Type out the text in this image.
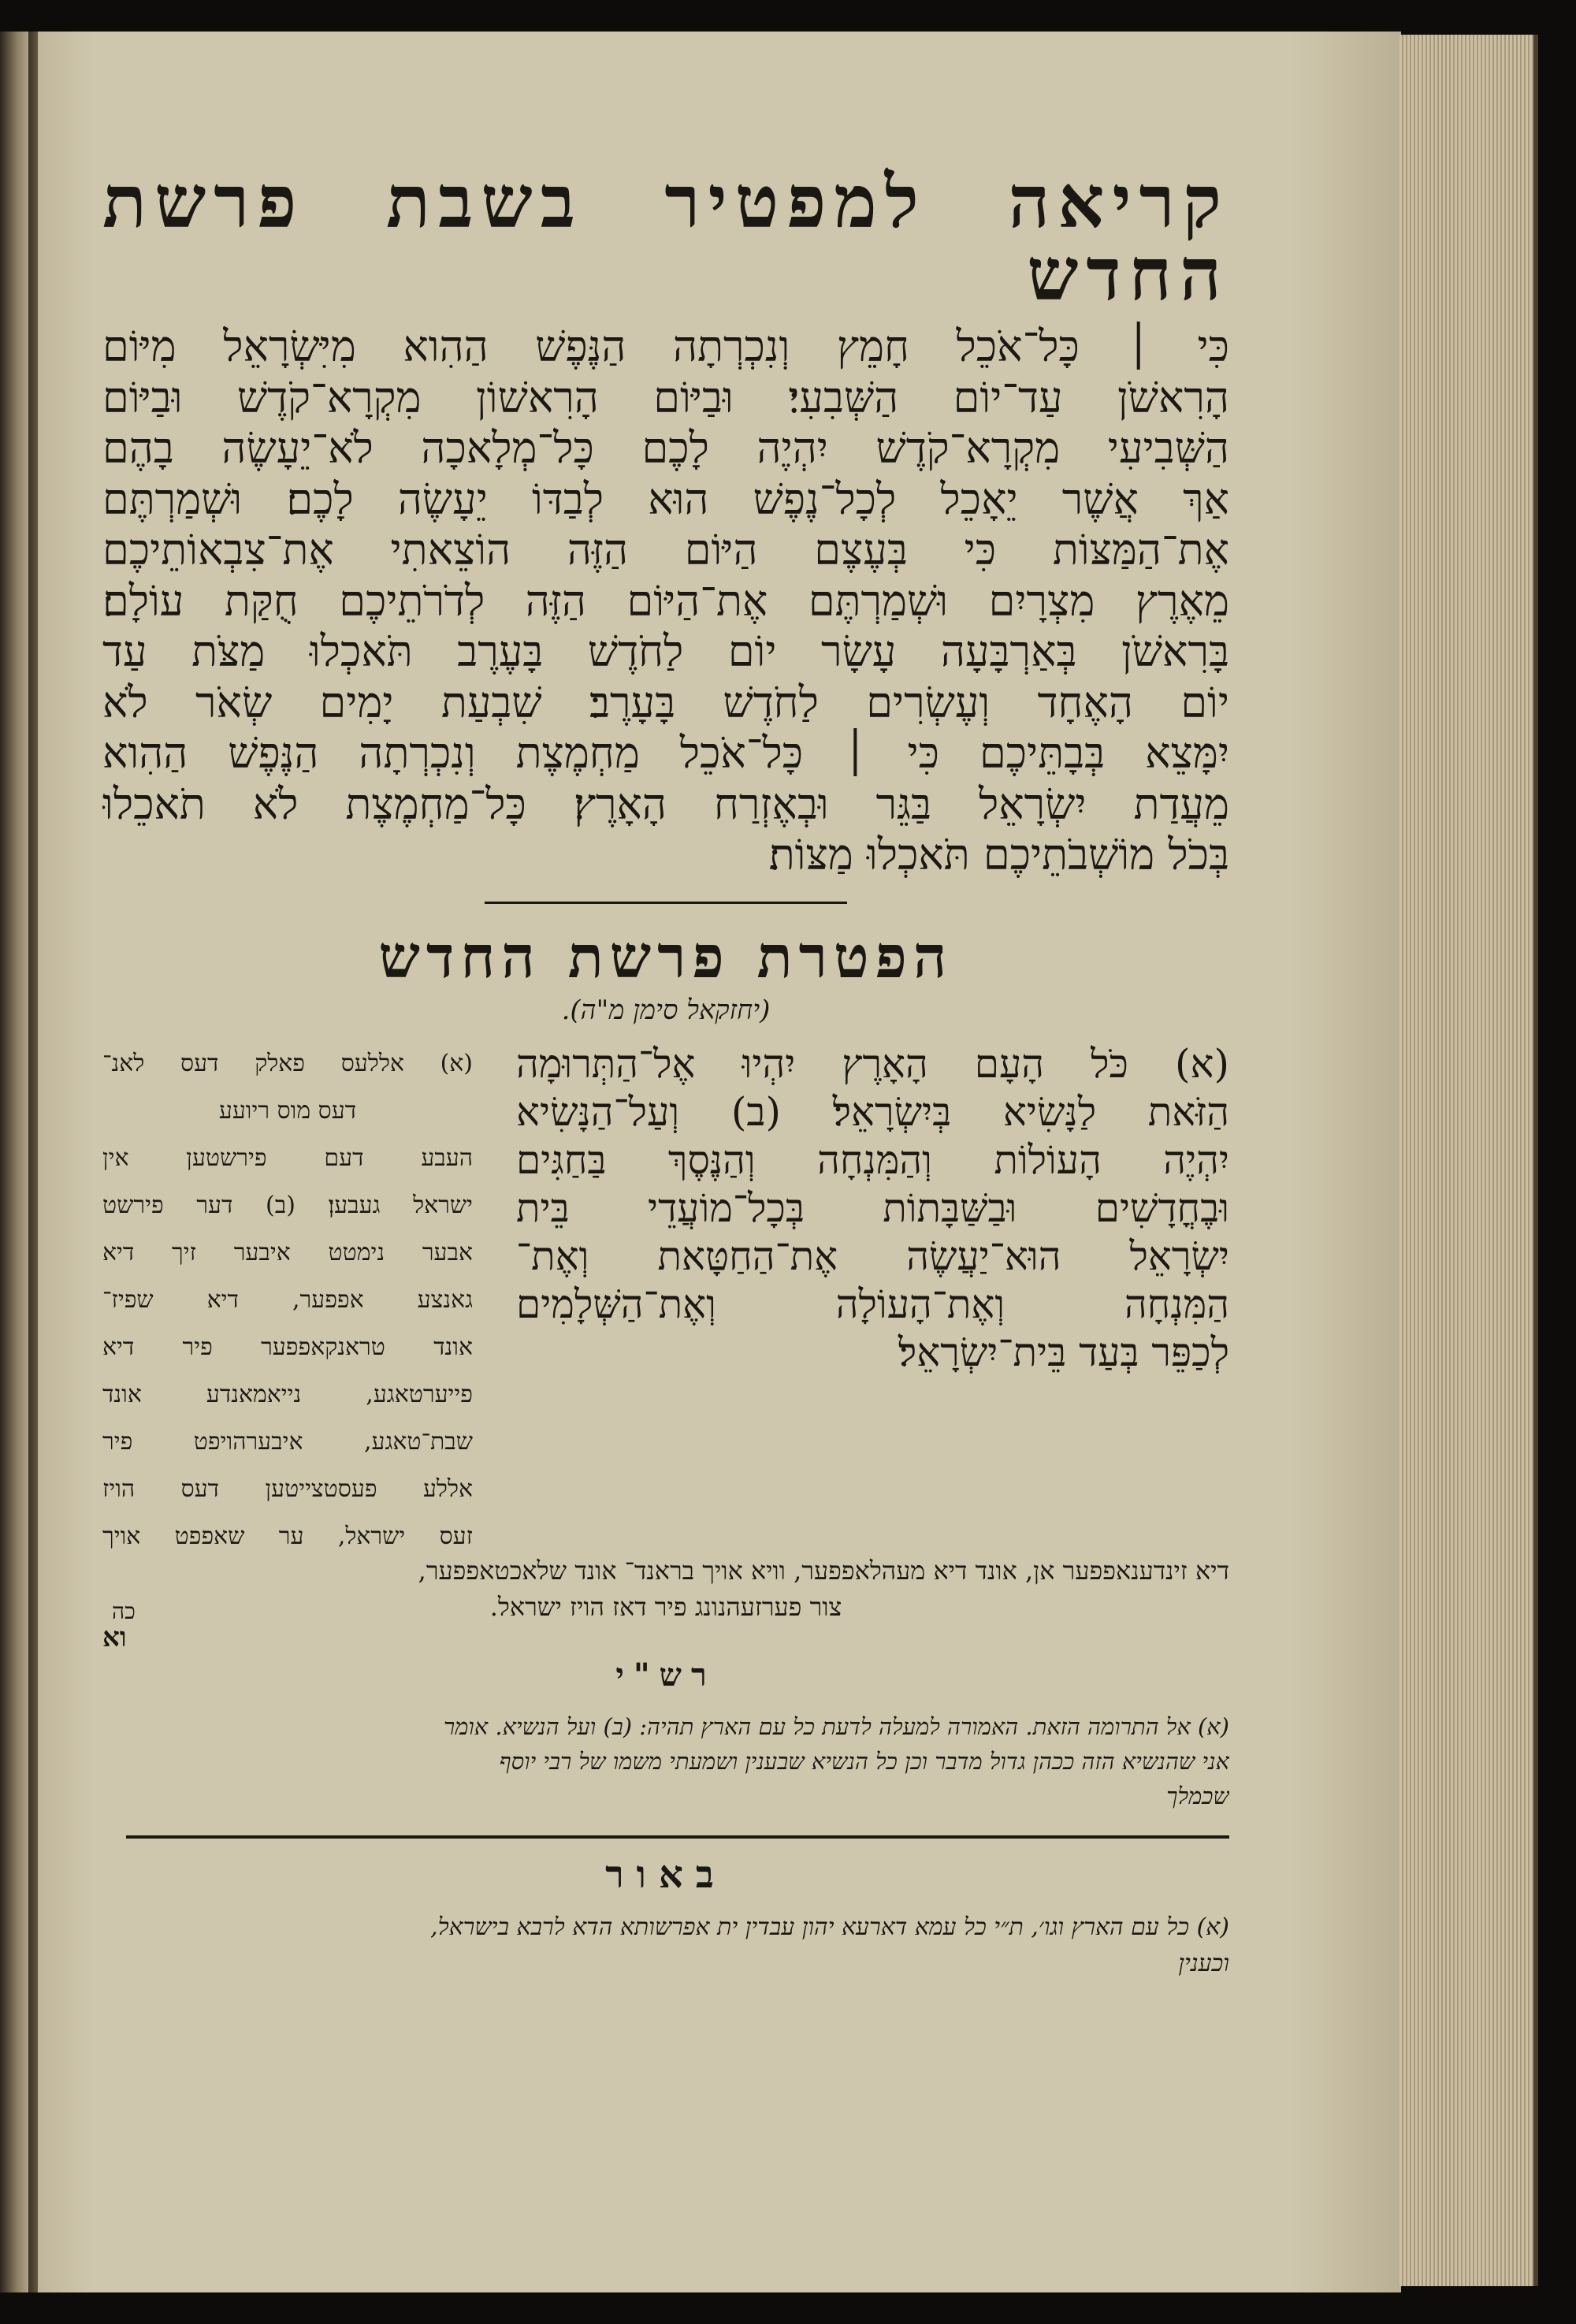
קריאה למפטיר בשבת פרשת החדש
כִּי ׀ כָּל־אֹכֵל חָמֵץ וְנִכְרְתָה הַנֶּפֶשׁ הַהִוא מִיִּשְׂרָאֵל מִיּוֹם
הָרִאשֹׁן עַד־יוֹם הַשְּׁבִעִי׃ וּבַיּוֹם הָרִאשׁוֹן מִקְרָא־קֹדֶשׁ וּבַיּוֹם
הַשְּׁבִיעִי מִקְרָא־קֹדֶשׁ יִהְיֶה לָכֶם כָּל־מְלָאכָה לֹא־יֵעָשֶׂה בָהֶם
אַךְ אֲשֶׁר יֵאָכֵל לְכָל־נֶפֶשׁ הוּא לְבַדּוֹ יֵעָשֶׂה לָכֶם׃ וּשְׁמַרְתֶּם
אֶת־הַמַּצּוֹת כִּי בְּעֶצֶם הַיּוֹם הַזֶּה הוֹצֵאתִי אֶת־צִבְאוֹתֵיכֶם
מֵאֶרֶץ מִצְרָיִם וּשְׁמַרְתֶּם אֶת־הַיּוֹם הַזֶּה לְדֹרֹתֵיכֶם חֻקַּת עוֹלָם׃
בָּרִאשֹׁן בְּאַרְבָּעָה עָשָׂר יוֹם לַחֹדֶשׁ בָּעֶרֶב תֹּאכְלוּ מַצֹּת עַד
יוֹם הָאֶחָד וְעֶשְׂרִים לַחֹדֶשׁ בָּעָרֶב׃ שִׁבְעַת יָמִים שְׂאֹר לֹא
יִמָּצֵא בְּבָתֵּיכֶם כִּי ׀ כָּל־אֹכֵל מַחְמֶצֶת וְנִכְרְתָה הַנֶּפֶשׁ הַהִוא
מֵעֲדַת יִשְׂרָאֵל בַּגֵּר וּבְאֶזְרַח הָאָרֶץ׃ כָּל־מַחְמֶצֶת לֹא תֹאכֵלוּ
בְּכֹל מוֹשְׁבֹתֵיכֶם תֹּאכְלוּ מַצּוֹת׃
הפטרת פרשת החדש
(יחזקאל סימן מ"ה).
(א) כֹּל הָעָם הָאָרֶץ יִהְיוּ אֶל־הַתְּרוּמָה
הַזֹּאת לַנָּשִׂיא בְּיִשְׂרָאֵל׃ (ב) וְעַל־הַנָּשִׂיא
יִהְיֶה הָעוֹלוֹת וְהַמִּנְחָה וְהַנֶּסֶךְ בַּחַגִּים
וּבֶחֳדָשִׁים וּבַשַּׁבָּתוֹת בְּכָל־מוֹעֲדֵי בֵּית
יִשְׂרָאֵל הוּא־יַעֲשֶׂה אֶת־הַחַטָּאת וְאֶת־
הַמִּנְחָה וְאֶת־הָעוֹלָה וְאֶת־הַשְּׁלָמִים
לְכַפֵּר בְּעַד בֵּית־יִשְׂרָאֵל׃
(א) אללעס פאלק דעס לאנ־
דעס מוס ריועע
העבע דעם פירשטען אין
ישראל געבען׃ (ב) דער פירשט
אבער נימטט איבער זיך דיא
גאנצע אפפער, דיא שפיז־
אונד טראנקאפפער פיר דיא
פייערטאגע, נייאמאנדע אונד
שבת־טאגע, איבערהויפט פיר
אללע פעסטצייטען דעס הויז
זעס ישראל, ער שאפפט אויך
כה
דיא זינדענאפפער אן, אונד דיא מעהלאפפער, וויא אויך בראנד־ אונד שלאכטאפפער,
צור פערזעהנונג פיר דאז הויז ישראל.
וא
רש"י
(א) אל התרומה הזאת. האמורה למעלה לדעת כל עם הארץ תהיה: (ב) ועל הנשיא. אומר
אני שהנשיא הזה ככהן גדול מדבר וכן כל הנשיא שבענין ושמעתי משמו של רבי יוסף
שכמלך
באור
(א) כל עם הארץ וגו׳, ת״י כל עמא דארעא יהון עבדין ית אפרשותא הדא לרבא בישראל,
וכענין
